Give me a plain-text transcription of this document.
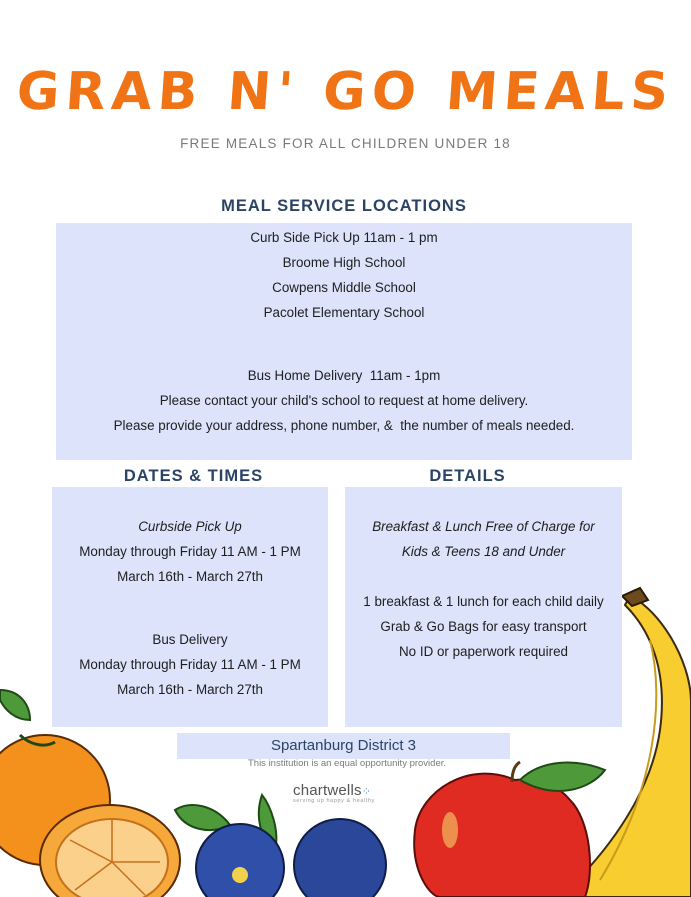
GRAB N' GO MEALS
FREE MEALS FOR ALL CHILDREN UNDER 18
MEAL SERVICE LOCATIONS

Curb Side Pick Up 11am - 1 pm

Broome High School

Cowpens Middle School

Pacolet Elementary School

Bus Home Delivery  11am - 1pm

Please contact your child's school to request at home delivery.

Please provide your address, phone number, &  the number of meals needed.

DATES & TIMES	DETAILS

Curbside Pick Up

Monday through Friday 11 AM - 1 PM

March 16th - March 27th

Bus Delivery

Monday through Friday 11 AM - 1 PM

March 16th - March 27th

Breakfast & Lunch Free of Charge for

Kids & Teens 18 and Under

1 breakfast & 1 lunch for each child daily

Grab & Go Bags for easy transport

No ID or paperwork required

Spartanburg District 3
This institution is an equal opportunity provider.
chartwells⁘
serving up happy & healthy
